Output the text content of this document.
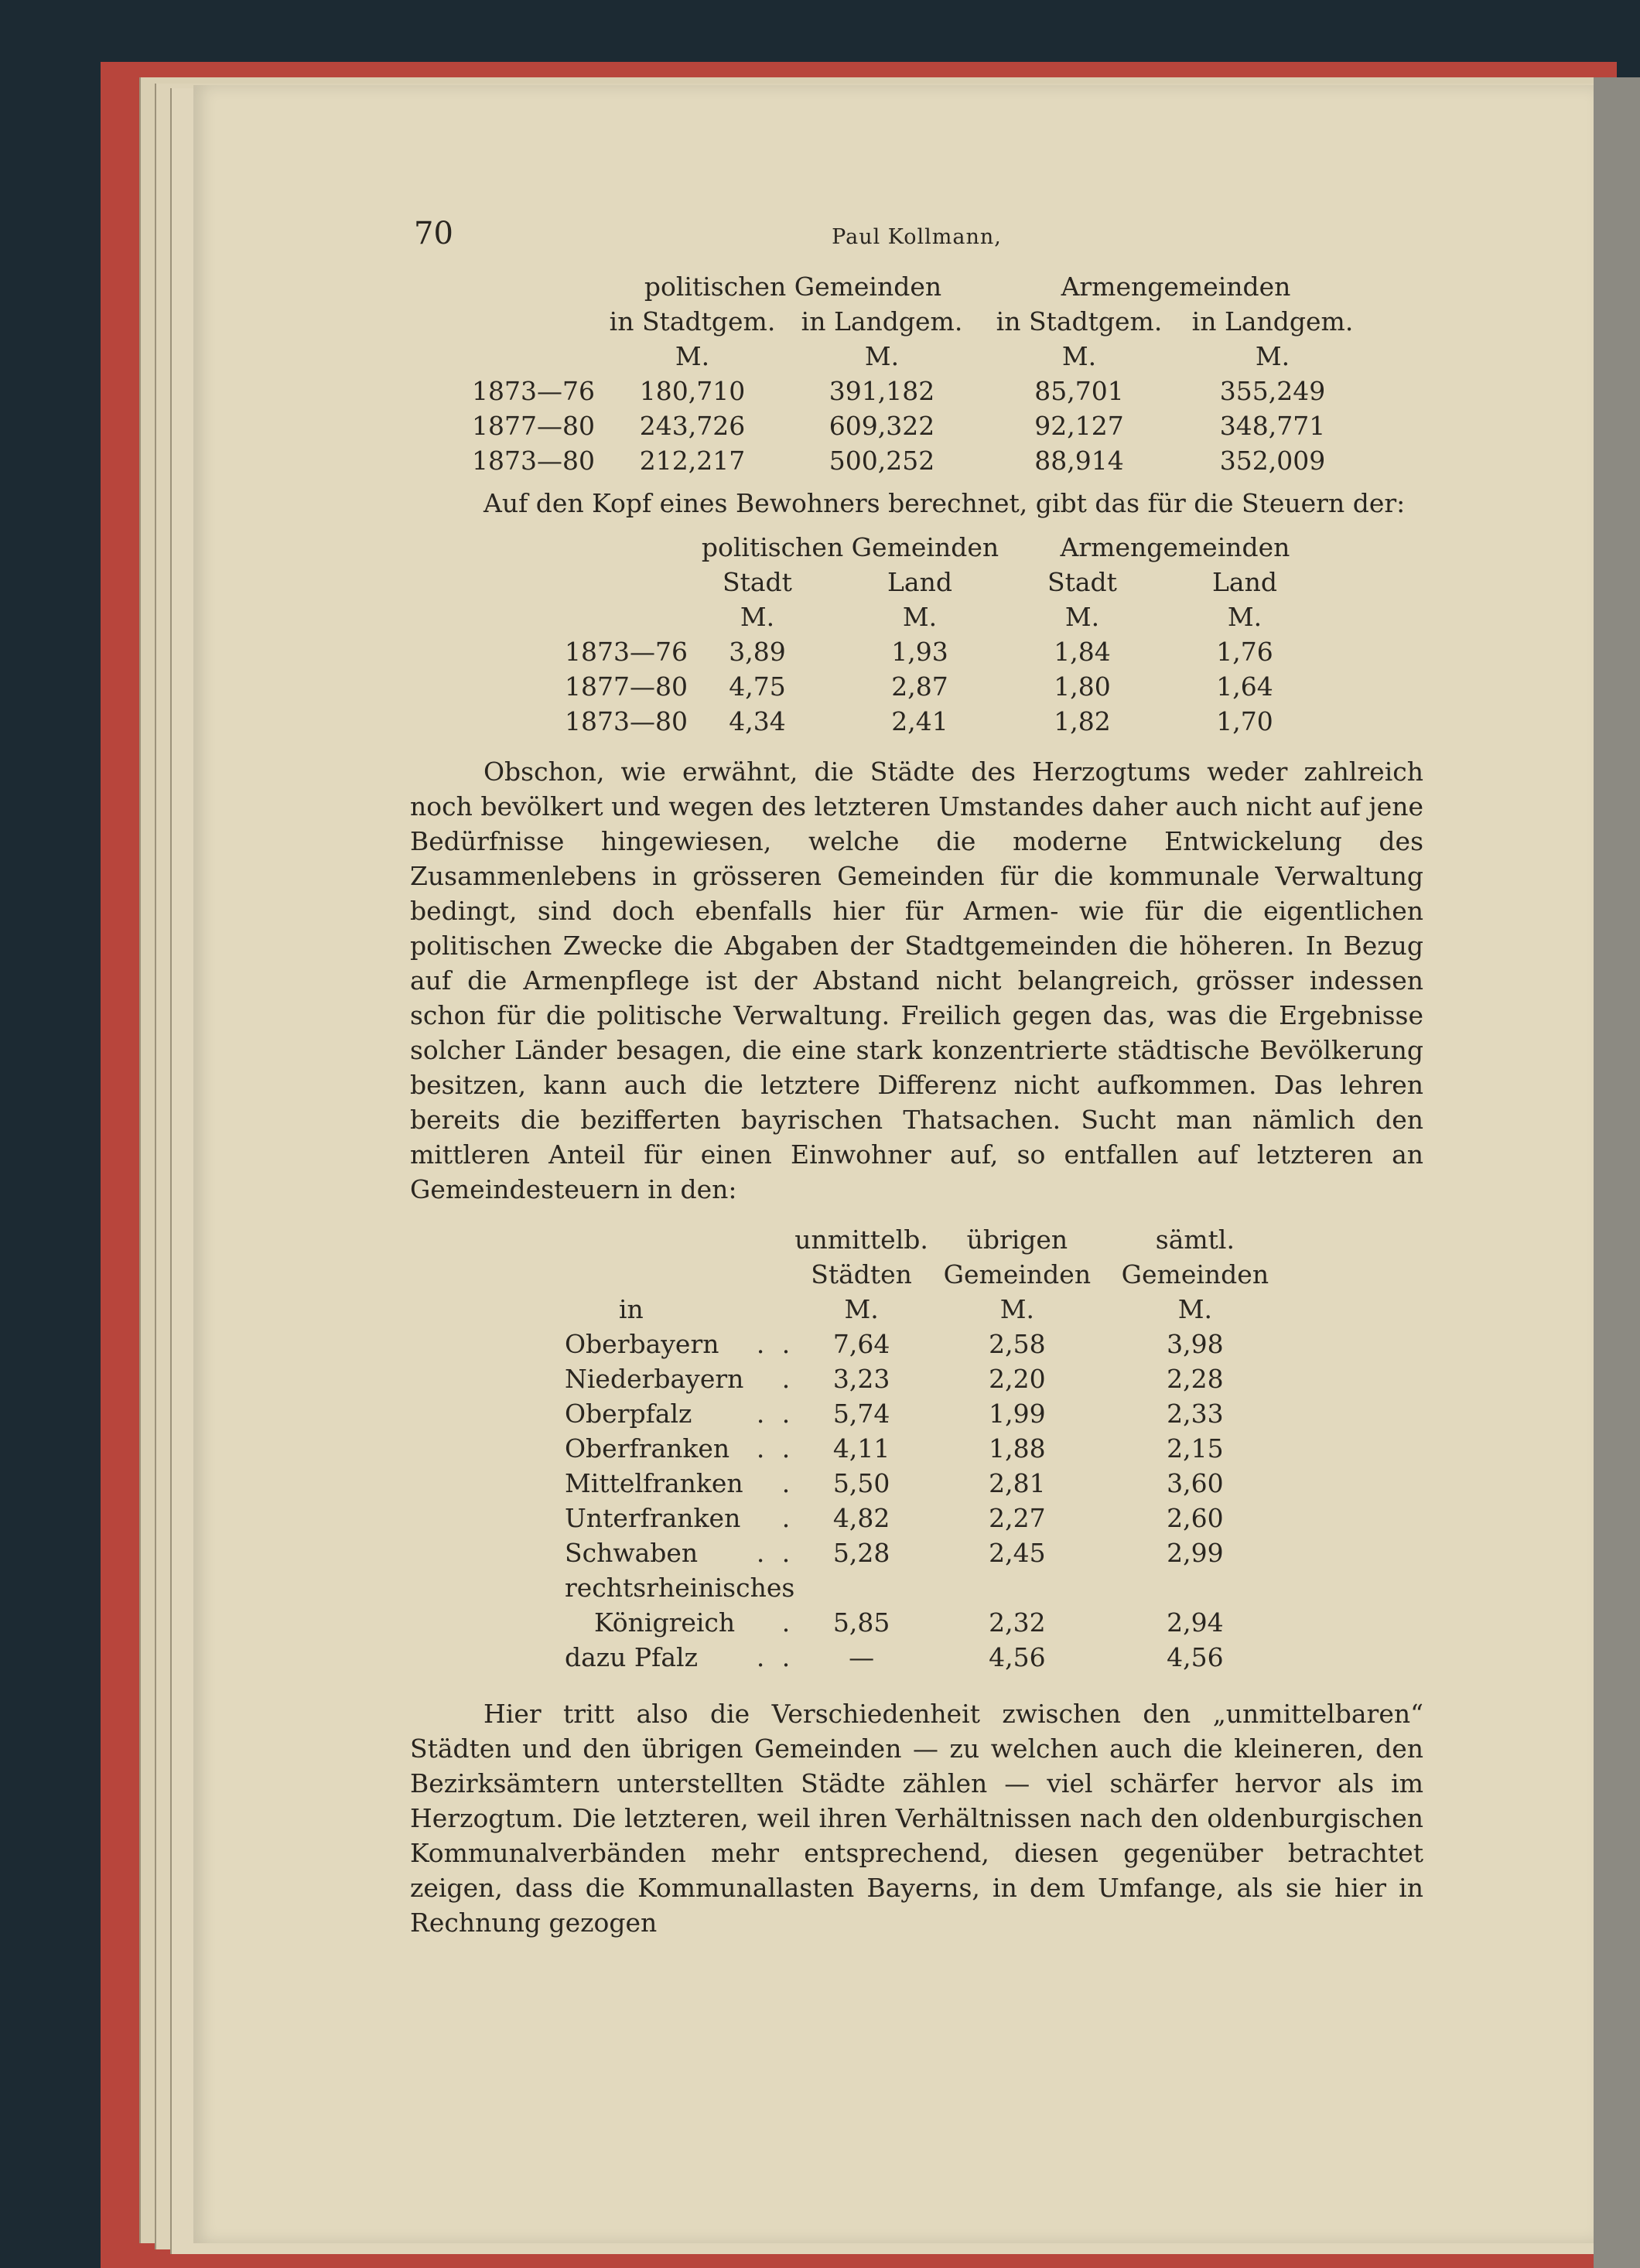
70	Paul Kollmann,
	politischen Gemeinden		Armengemeinden	
	in Stadtgem.	in Landgem.	in Stadtgem.	in Landgem.
	M.	M.	M.	M.
1873—76	180,710	391,182	85,701	355,249
1877—80	243,726	609,322	92,127	348,771
1873—80	212,217	500,252	88,914	352,009

Auf den Kopf eines Bewohners berechnet, gibt das für die Steuern der:

	politischen Gemeinden		Armengemeinden	
	Stadt	Land	Stadt	Land
	M.	M.	M.	M.
1873—76	3,89	1,93	1,84	1,76
1877—80	4,75	2,87	1,80	1,64
1873—80	4,34	2,41	1,82	1,70

Obschon, wie erwähnt, die Städte des Herzogtums weder zahlreich noch bevölkert und wegen des letzteren Umstandes daher auch nicht auf jene Bedürfnisse hingewiesen, welche die moderne Entwickelung des Zusammenlebens in grösseren Gemeinden für die kommunale Verwaltung bedingt, sind doch ebenfalls hier für Armen- wie für die eigentlichen politischen Zwecke die Abgaben der Stadtgemeinden die höheren. In Bezug auf die Armenpflege ist der Abstand nicht belangreich, grösser indessen schon für die politische Verwaltung. Freilich gegen das, was die Ergebnisse solcher Länder besagen, die eine stark konzentrierte städtische Bevölkerung besitzen, kann auch die letztere Differenz nicht aufkommen. Das lehren bereits die bezifferten bayrischen Thatsachen. Sucht man nämlich den mittleren Anteil für einen Einwohner auf, so entfallen auf letzteren an Gemeindesteuern in den:

		unmittelb.	übrigen	sämtl.
		Städten	Gemeinden	Gemeinden
in		M.	M.	M.
Oberbayern	. .	7,64	2,58	3,98
Niederbayern	.	3,23	2,20	2,28
Oberpfalz	. .	5,74	1,99	2,33
Oberfranken	. .	4,11	1,88	2,15
Mittelfranken	.	5,50	2,81	3,60
Unterfranken	.	4,82	2,27	2,60
Schwaben	. .	5,28	2,45	2,99
rechtsrheinisches				
Königreich	.	5,85	2,32	2,94
dazu Pfalz	. .	—	4,56	4,56

Hier tritt also die Verschiedenheit zwischen den „unmittelbaren“ Städten und den übrigen Gemeinden — zu welchen auch die kleineren, den Bezirksämtern unterstellten Städte zählen — viel schärfer hervor als im Herzogtum. Die letzteren, weil ihren Verhältnissen nach den oldenburgischen Kommunalverbänden mehr entsprechend, diesen gegenüber betrachtet zeigen, dass die Kommunallasten Bayerns, in dem Umfange, als sie hier in Rechnung gezogen
